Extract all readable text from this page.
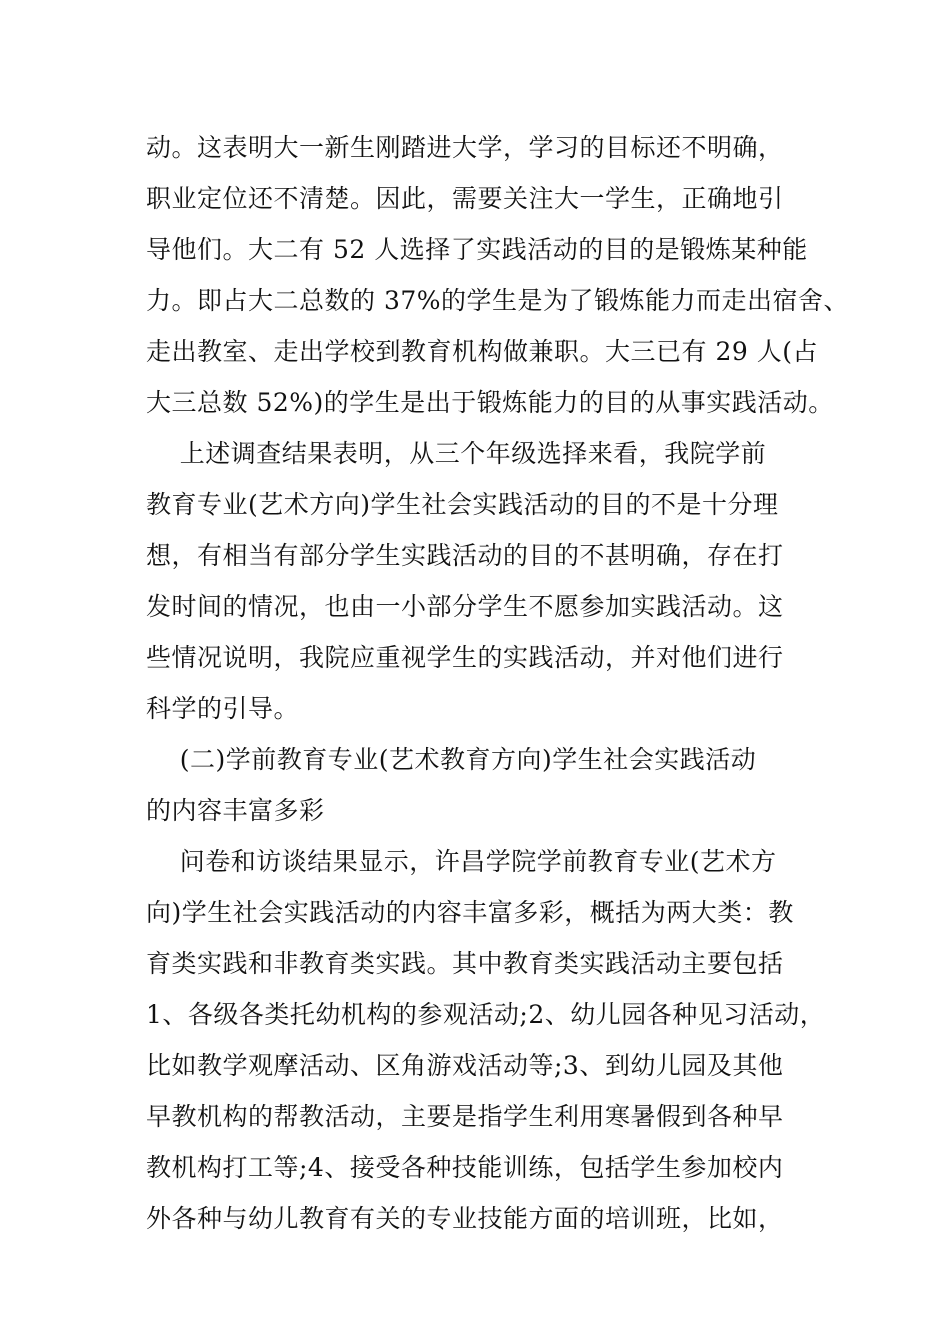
动。这表明大一新生刚踏进大学，学习的目标还不明确，
职业定位还不清楚。因此，需要关注大一学生，正确地引
导他们。大二有 52 人选择了实践活动的目的是锻炼某种能
力。即占大二总数的 37%的学生是为了锻炼能力而走出宿舍、
走出教室、走出学校到教育机构做兼职。大三已有 29 人(占
大三总数 52%)的学生是出于锻炼能力的目的从事实践活动。
上述调查结果表明，从三个年级选择来看，我院学前
教育专业(艺术方向)学生社会实践活动的目的不是十分理
想，有相当有部分学生实践活动的目的不甚明确，存在打
发时间的情况，也由一小部分学生不愿参加实践活动。这
些情况说明，我院应重视学生的实践活动，并对他们进行
科学的引导。
(二)学前教育专业(艺术教育方向)学生社会实践活动
的内容丰富多彩
问卷和访谈结果显示，许昌学院学前教育专业(艺术方
向)学生社会实践活动的内容丰富多彩，概括为两大类：教
育类实践和非教育类实践。其中教育类实践活动主要包括
1、各级各类托幼机构的参观活动;2、幼儿园各种见习活动，
比如教学观摩活动、区角游戏活动等;3、到幼儿园及其他
早教机构的帮教活动，主要是指学生利用寒暑假到各种早
教机构打工等;4、接受各种技能训练，包括学生参加校内
外各种与幼儿教育有关的专业技能方面的培训班，比如，
